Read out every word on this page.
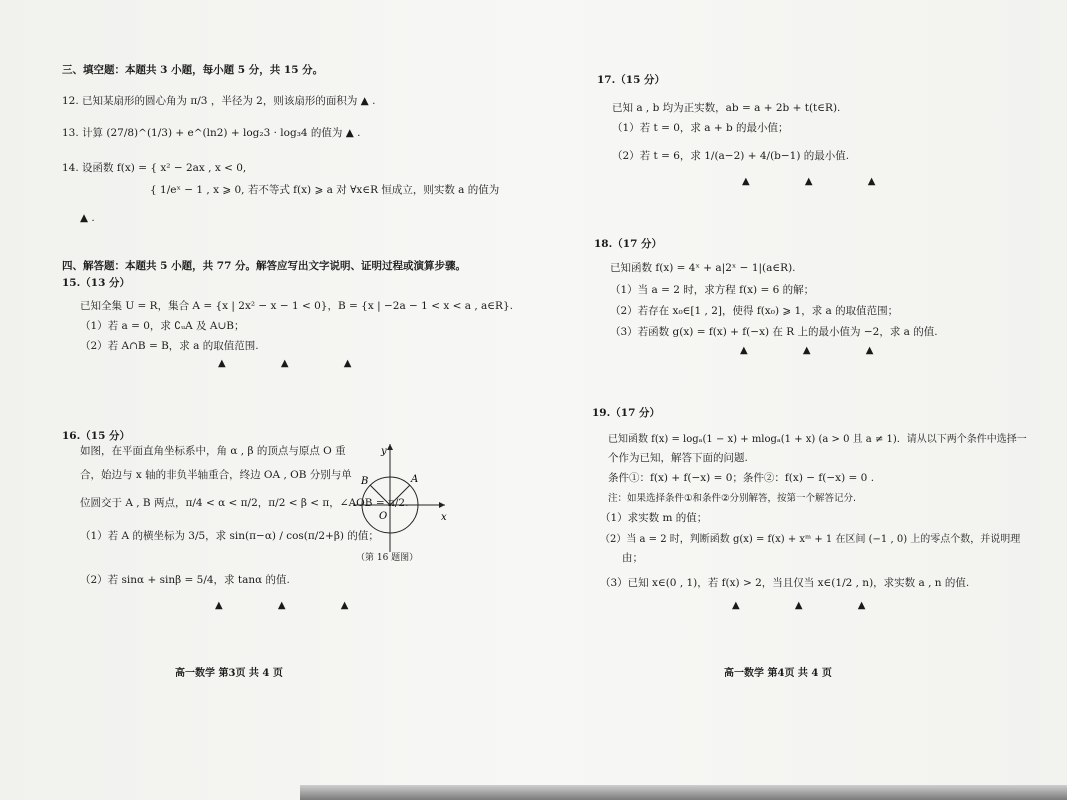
三、填空题：本题共 3 小题，每小题 5 分，共 15 分。
12. 已知某扇形的圆心角为 π/3 ，半径为 2，则该扇形的面积为 ▲ .
13. 计算 (27/8)^(1/3) + e^(ln2) + log₂3 · log₃4 的值为 ▲ .
14. 设函数 f(x) = { x² − 2ax , x < 0,
{ 1/eˣ − 1 , x ⩾ 0, 若不等式 f(x) ⩾ a 对 ∀x∈R 恒成立，则实数 a 的值为
▲ .
四、解答题：本题共 5 小题，共 77 分。解答应写出文字说明、证明过程或演算步骤。
15.（13 分）
已知全集 U = R，集合 A = {x | 2x² − x − 1 < 0}，B = {x | −2a − 1 < x < a , a∈R}.
（1）若 a = 0，求 ∁ᵤA 及 A∪B；
（2）若 A∩B = B，求 a 的取值范围.
▲ ▲ ▲
16.（15 分）
如图，在平面直角坐标系中，角 α , β 的顶点与原点 O 重
合，始边与 x 轴的非负半轴重合，终边 OA , OB 分别与单
位圆交于 A , B 两点，π/4 < α < π/2，π/2 < β < π，∠AOB = π/2.
（1）若 A 的横坐标为 3/5，求 sin(π−α) / cos(π/2+β) 的值；
（2）若 sinα + sinβ = 5/4，求 tanα 的值.
▲ ▲ ▲
y
x
O
A
B
（第 16 题图）
高一数学 第3页 共 4 页
17.（15 分）
已知 a , b 均为正实数，ab = a + 2b + t(t∈R).
（1）若 t = 0，求 a + b 的最小值；
（2）若 t = 6，求 1/(a−2) + 4/(b−1) 的最小值.
▲ ▲ ▲
18.（17 分）
已知函数 f(x) = 4ˣ + a|2ˣ − 1|(a∈R).
（1）当 a = 2 时，求方程 f(x) = 6 的解；
（2）若存在 x₀∈[1 , 2]，使得 f(x₀) ⩾ 1，求 a 的取值范围；
（3）若函数 g(x) = f(x) + f(−x) 在 R 上的最小值为 −2，求 a 的值.
▲ ▲ ▲
19.（17 分）
已知函数 f(x) = logₐ(1 − x) + mlogₐ(1 + x) (a > 0 且 a ≠ 1)．请从以下两个条件中选择一
个作为已知，解答下面的问题.
条件①：f(x) + f(−x) = 0；条件②：f(x) − f(−x) = 0 .
注：如果选择条件①和条件②分别解答，按第一个解答记分.
（1）求实数 m 的值；
（2）当 a = 2 时，判断函数 g(x) = f(x) + xᵐ + 1 在区间 (−1 , 0) 上的零点个数，并说明理
由；
（3）已知 x∈(0 , 1)，若 f(x) > 2，当且仅当 x∈(1/2 , n)，求实数 a , n 的值.
▲ ▲ ▲
高一数学 第4页 共 4 页
